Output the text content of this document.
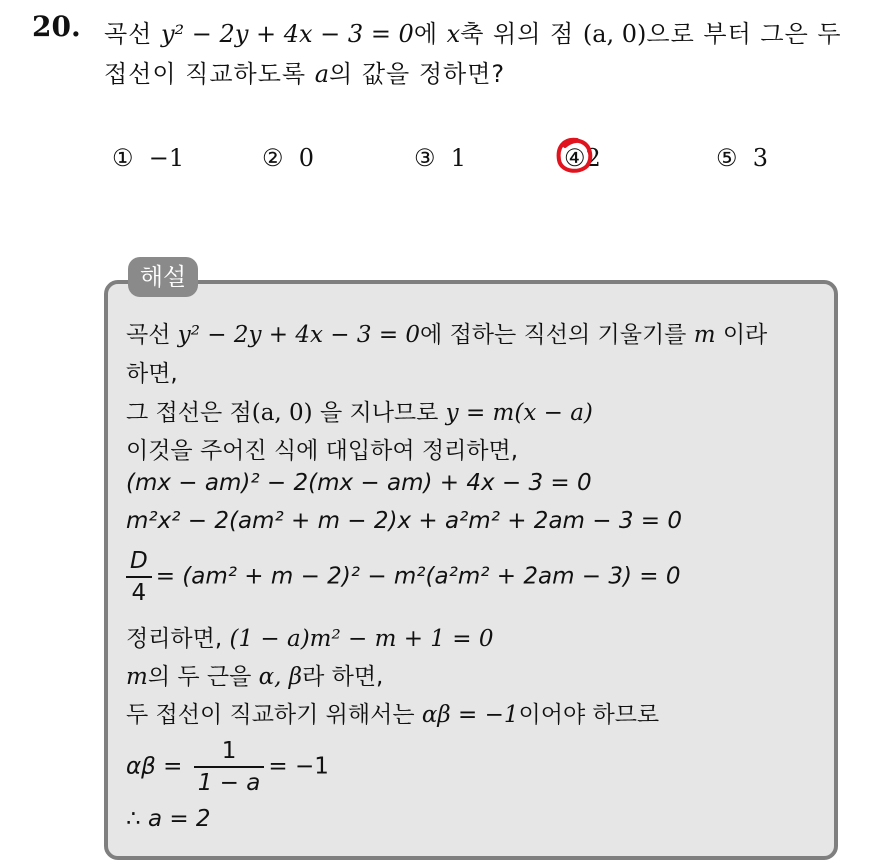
20. 곡선 y² − 2y + 4x − 3 = 0에 x축 위의 점 (a, 0)으로 부터 그은 두
접선이 직교하도록 a의 값을 정하면?
① −1	② 0	③ 1	④2	⑤ 3
해설
곡선 y² − 2y + 4x − 3 = 0에 접하는 직선의 기울기를 m 이라
하면,
그 접선은 점(a, 0) 을 지나므로 y = m(x − a)
이것을 주어진 식에 대입하여 정리하면,
(mx − am)² − 2(mx − am) + 4x − 3 = 0
m²x² − 2(am² + m − 2)x + a²m² + 2am − 3 = 0
$\frac{D}{4} = (am^2 + m - 2)^2 - m^2(a^2m^2 + 2am - 3) = 0$
정리하면, (1 − a)m² − m + 1 = 0
m의 두 근을 α, β라 하면,
두 접선이 직교하기 위해서는 αβ = −1이어야 하므로
$\alpha\beta = \frac{1}{1 - a} = -1$
∴ a = 2
